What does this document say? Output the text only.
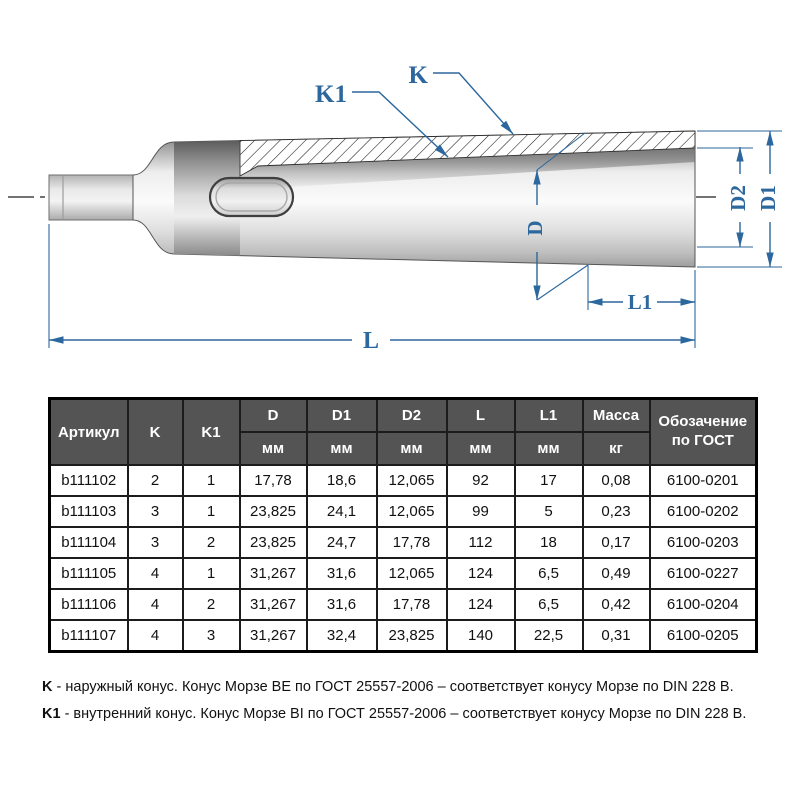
K
K1
D
D2 D1
L1
L
Артикул	K	K1	D	D1	D2	L	L1	Масса	Обозачение
по ГОСТ
			мм	мм	мм	мм	мм	кг	
b111102	2	1	17,78	18,6	12,065	92	17	0,08	6100-0201
b111103	3	1	23,825	24,1	12,065	99	5	0,23	6100-0202
b111104	3	2	23,825	24,7	17,78	112	18	0,17	6100-0203
b111105	4	1	31,267	31,6	12,065	124	6,5	0,49	6100-0227
b111106	4	2	31,267	31,6	17,78	124	6,5	0,42	6100-0204
b111107	4	3	31,267	32,4	23,825	140	22,5	0,31	6100-0205
K - наружный конус. Конус Морзе BE по ГОСТ 25557-2006 – соответствует конусу Морзе по DIN 228 B.
K1 - внутренний конус. Конус Морзе BI по ГОСТ 25557-2006 – соответствует конусу Морзе по DIN 228 B.
